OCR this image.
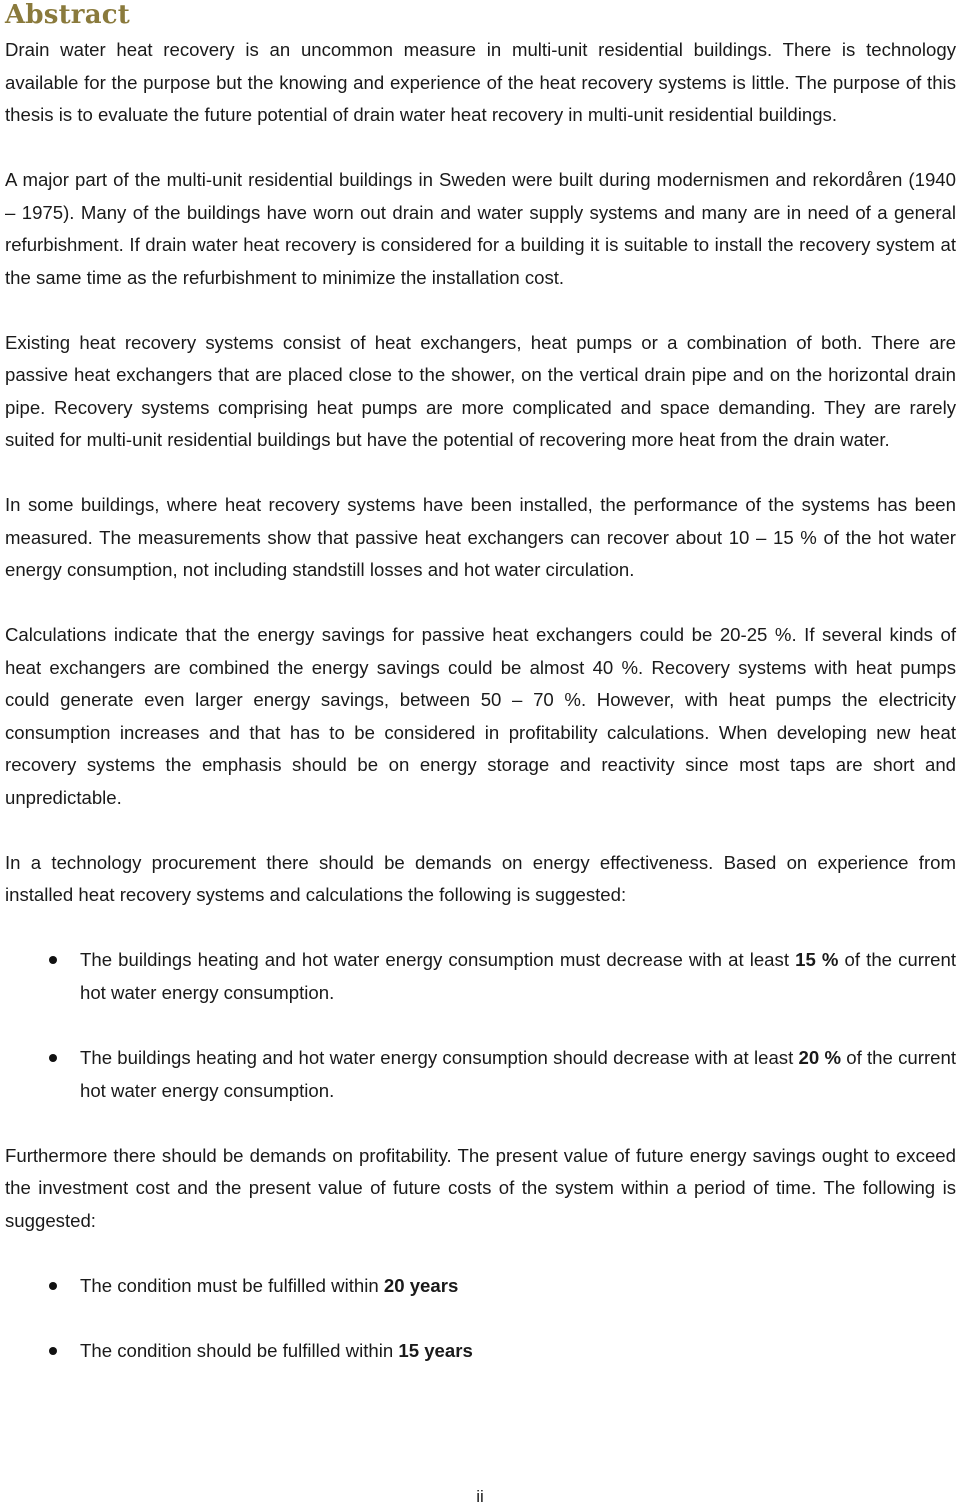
Abstract

Drain water heat recovery is an uncommon measure in multi-unit residential buildings. There is technology available for the purpose but the knowing and experience of the heat recovery systems is little. The purpose of this thesis is to evaluate the future potential of drain water heat recovery in multi-unit residential buildings.

A major part of the multi-unit residential buildings in Sweden were built during modernismen and rekordåren (1940 – 1975). Many of the buildings have worn out drain and water supply systems and many are in need of a general refurbishment. If drain water heat recovery is considered for a building it is suitable to install the recovery system at the same time as the refurbishment to minimize the installation cost.

Existing heat recovery systems consist of heat exchangers, heat pumps or a combination of both. There are passive heat exchangers that are placed close to the shower, on the vertical drain pipe and on the horizontal drain pipe. Recovery systems comprising heat pumps are more complicated and space demanding. They are rarely suited for multi-unit residential buildings but have the potential of recovering more heat from the drain water.

In some buildings, where heat recovery systems have been installed, the performance of the systems has been measured. The measurements show that passive heat exchangers can recover about 10 – 15 % of the hot water energy consumption, not including standstill losses and hot water circulation.

Calculations indicate that the energy savings for passive heat exchangers could be 20-25 %. If several kinds of heat exchangers are combined the energy savings could be almost 40 %. Recovery systems with heat pumps could generate even larger energy savings, between 50 – 70 %. However, with heat pumps the electricity consumption increases and that has to be considered in profitability calculations. When developing new heat recovery systems the emphasis should be on energy storage and reactivity since most taps are short and unpredictable.

In a technology procurement there should be demands on energy effectiveness. Based on experience from installed heat recovery systems and calculations the following is suggested:

The buildings heating and hot water energy consumption must decrease with at least 15 % of the current hot water energy consumption.
The buildings heating and hot water energy consumption should decrease with at least 20 % of the current hot water energy consumption.

Furthermore there should be demands on profitability. The present value of future energy savings ought to exceed the investment cost and the present value of future costs of the system within a period of time. The following is suggested:

The condition must be fulfilled within 20 years
The condition should be fulfilled within 15 years
ii
